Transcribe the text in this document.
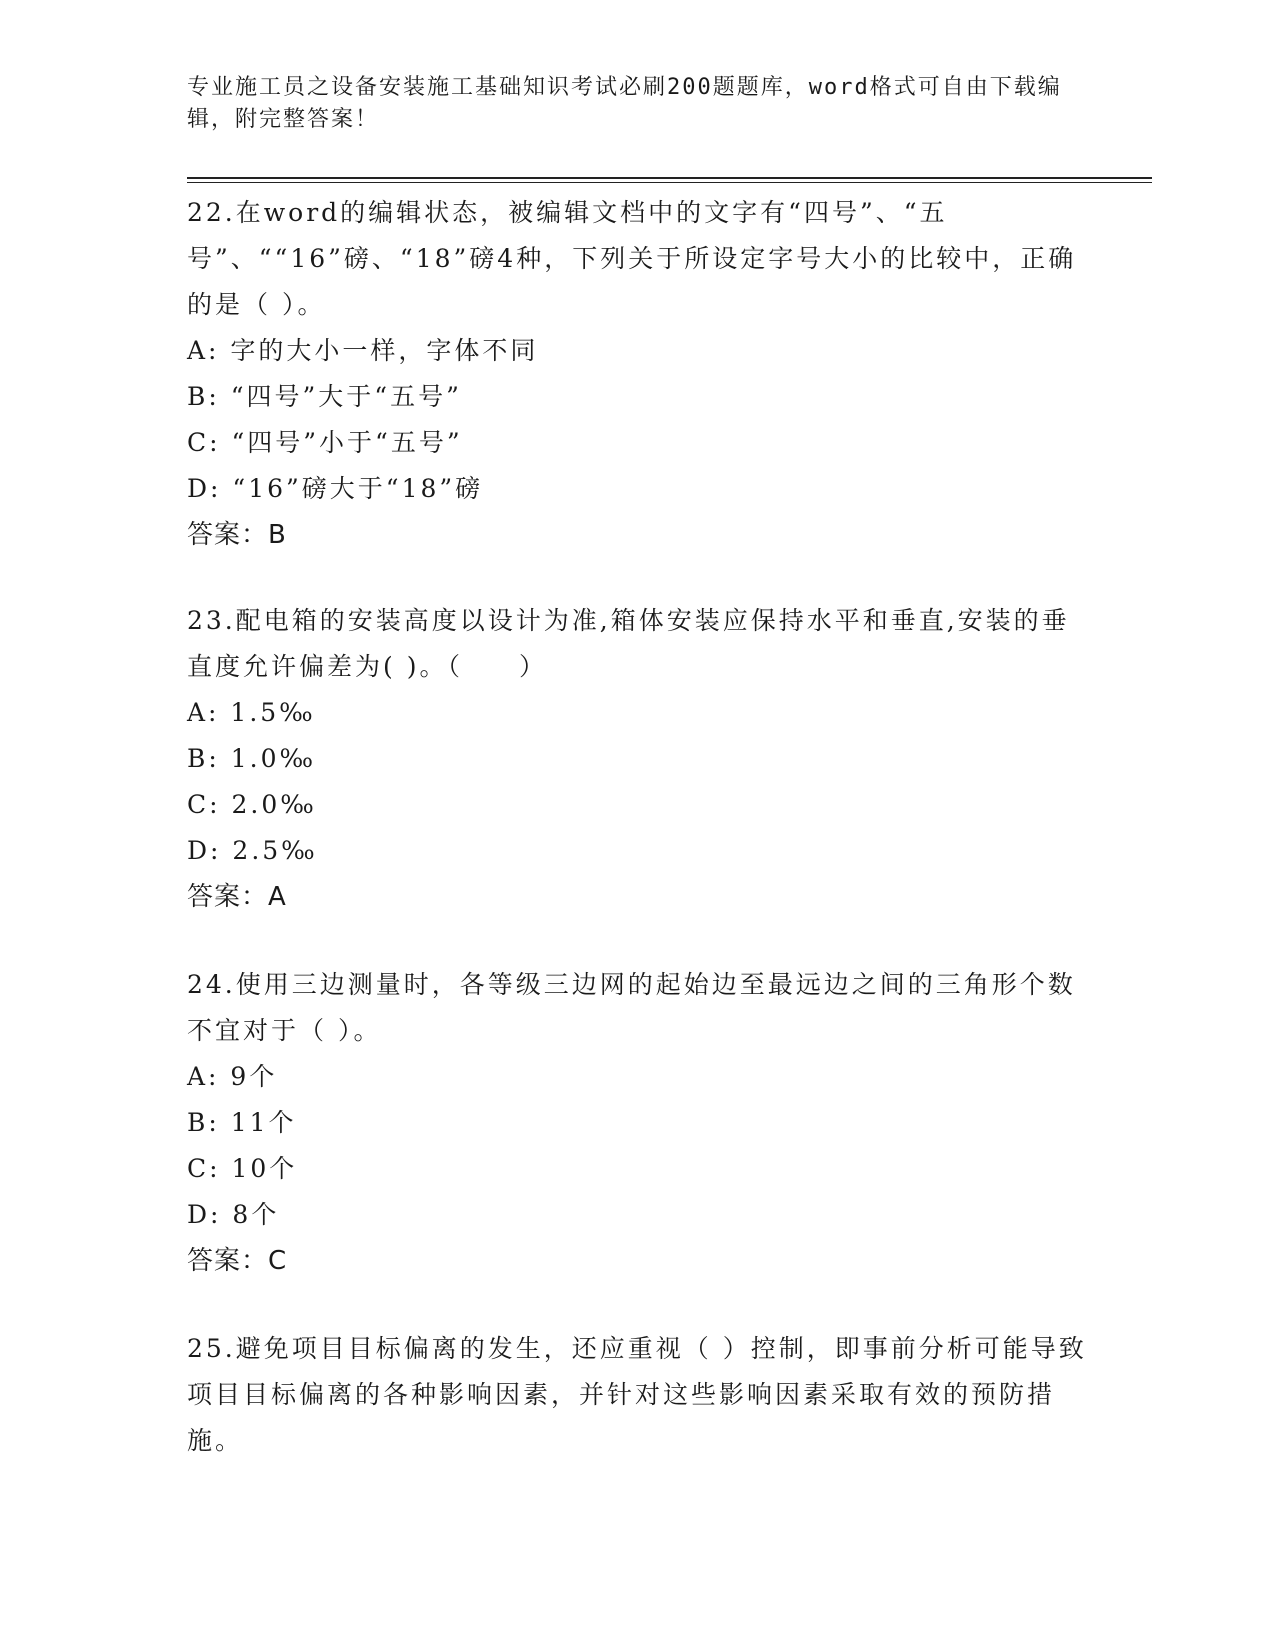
专业施工员之设备安装施工基础知识考试必刷200题题库，word格式可自由下载编辑，附完整答案！

22.在word的编辑状态，被编辑文档中的文字有“四号”、“五号”、““16”磅、“18”磅4种，下列关于所设定字号大小的比较中，正确的是（ ）。

A: 字的大小一样，字体不同

B: “四号”大于“五号”

C: “四号”小于“五号”

D: “16”磅大于“18”磅

答案：B

23.配电箱的安装高度以设计为准,箱体安装应保持水平和垂直,安装的垂直度允许偏差为( )。（　　）

A: 1.5‰

B: 1.0‰

C: 2.0‰

D: 2.5‰

答案：A

24.使用三边测量时，各等级三边网的起始边至最远边之间的三角形个数不宜对于（ ）。

A: 9个

B: 11个

C: 10个

D: 8个

答案：C

25.避免项目目标偏离的发生，还应重视（ ）控制，即事前分析可能导致项目目标偏离的各种影响因素，并针对这些影响因素采取有效的预防措施。
